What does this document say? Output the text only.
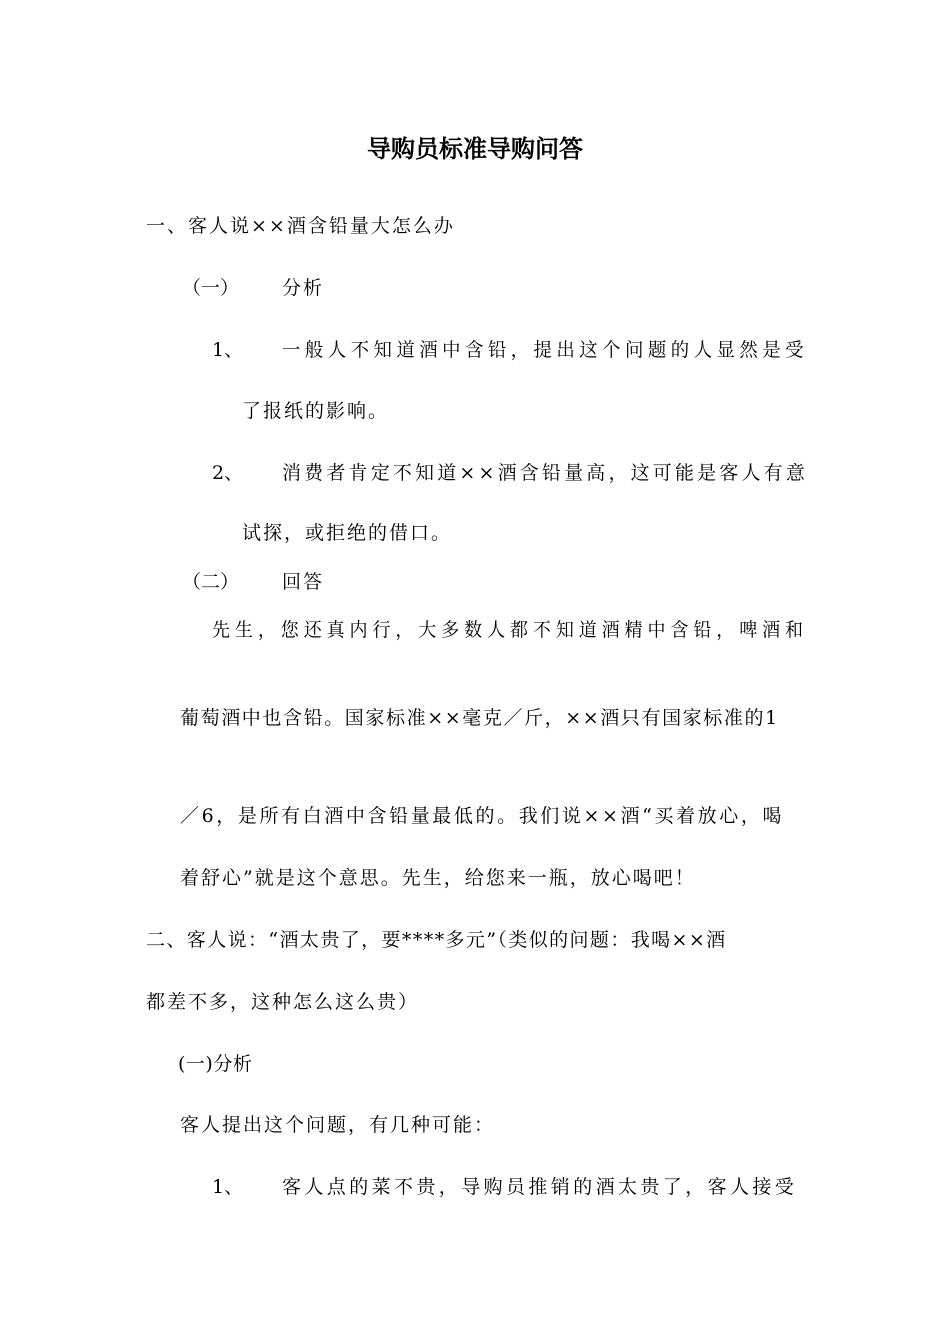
导购员标准导购问答
一、客人说××酒含铅量大怎么办
（一） 分析
1、 一般人不知道酒中含铅，提出这个问题的人显然是受
了报纸的影响。
2、 消费者肯定不知道××酒含铅量高，这可能是客人有意
试探，或拒绝的借口。
（二） 回答
先生，您还真内行，大多数人都不知道酒精中含铅，啤酒和
葡萄酒中也含铅。国家标准××毫克／斤，××酒只有国家标准的1
／6，是所有白酒中含铅量最低的。我们说××酒“买着放心，喝
着舒心”就是这个意思。先生，给您来一瓶，放心喝吧！
二、客人说：“酒太贵了，要****多元”（类似的问题：我喝××酒
都差不多，这种怎么这么贵）
(一)分析
客人提出这个问题，有几种可能：
1、 客人点的菜不贵，导购员推销的酒太贵了，客人接受
